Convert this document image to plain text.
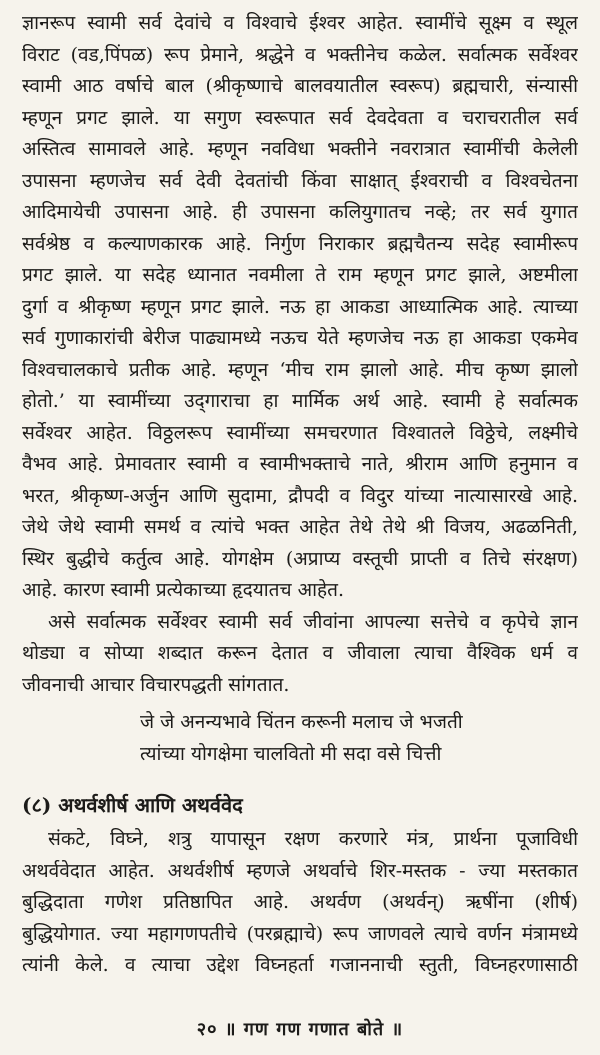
ज्ञानरूप स्वामी सर्व देवांचे व विश्वाचे ईश्वर आहेत. स्वामींचे सूक्ष्म व स्थूल
विराट (वड,पिंपळ) रूप प्रेमाने, श्रद्धेने व भक्तीनेच कळेल. सर्वात्मक सर्वेश्वर
स्वामी आठ वर्षाचे बाल (श्रीकृष्णाचे बालवयातील स्वरूप) ब्रह्मचारी, संन्यासी
म्हणून प्रगट झाले. या सगुण स्वरूपात सर्व देवदेवता व चराचरातील सर्व
अस्तित्व सामावले आहे. म्हणून नवविधा भक्तीने नवरात्रात स्वामींची केलेली
उपासना म्हणजेच सर्व देवी देवतांची किंवा साक्षात् ईश्वराची व विश्वचेतना
आदिमायेची उपासना आहे. ही उपासना कलियुगातच नव्हे; तर सर्व युगात
सर्वश्रेष्ठ व कल्याणकारक आहे. निर्गुण निराकार ब्रह्मचैतन्य सदेह स्वामीरूप
प्रगट झाले. या सदेह ध्यानात नवमीला ते राम म्हणून प्रगट झाले, अष्टमीला
दुर्गा व श्रीकृष्ण म्हणून प्रगट झाले. नऊ हा आकडा आध्यात्मिक आहे. त्याच्या
सर्व गुणाकारांची बेरीज पाढ्यामध्ये नऊच येते म्हणजेच नऊ हा आकडा एकमेव
विश्वचालकाचे प्रतीक आहे. म्हणून ‘मीच राम झालो आहे. मीच कृष्ण झालो
होतो.’ या स्वामींच्या उद्‌गाराचा हा मार्मिक अर्थ आहे. स्वामी हे सर्वात्मक
सर्वेश्वर आहेत. विठ्ठलरूप स्वामींच्या समचरणात विश्वातले विठ्ठेचे, लक्ष्मीचे
वैभव आहे. प्रेमावतार स्वामी व स्वामीभक्ताचे नाते, श्रीराम आणि हनुमान व
भरत, श्रीकृष्ण-अर्जुन आणि सुदामा, द्रौपदी व विदुर यांच्या नात्यासारखे आहे.
जेथे जेथे स्वामी समर्थ व त्यांचे भक्त आहेत तेथे तेथे श्री विजय, अढळनिती,
स्थिर बुद्धीचे कर्तुत्व आहे. योगक्षेम (अप्राप्य वस्तूची प्राप्ती व तिचे संरक्षण)
आहे. कारण स्वामी प्रत्येकाच्या हृदयातच आहेत.
असे सर्वात्मक सर्वेश्वर स्वामी सर्व जीवांना आपल्या सत्तेचे व कृपेचे ज्ञान
थोड्या व सोप्या शब्दात करून देतात व जीवाला त्याचा वैश्विक धर्म व
जीवनाची आचार विचारपद्धती सांगतात.
जे जे अनन्यभावे चिंतन करूनी मलाच जे भजती
त्यांच्या योगक्षेमा चालवितो मी सदा वसे चित्ती
(८) अथर्वशीर्ष आणि अथर्ववेद
संकटे, विघ्ने, शत्रु यापासून रक्षण करणारे मंत्र, प्रार्थना पूजाविधी
अथर्ववेदात आहेत. अथर्वशीर्ष म्हणजे अथर्वाचे शिर-मस्तक - ज्या मस्तकात
बुद्धिदाता गणेश प्रतिष्ठापित आहे. अथर्वण (अथर्वन्) ऋषींना (शीर्ष)
बुद्धियोगात. ज्या महागणपतीचे (परब्रह्माचे) रूप जाणवले त्याचे वर्णन मंत्रामध्ये
त्यांनी केले. व त्याचा उद्देश विघ्नहर्ता गजाननाची स्तुती, विघ्नहरणासाठी
२० ॥ गण गण गणात बोते ॥
